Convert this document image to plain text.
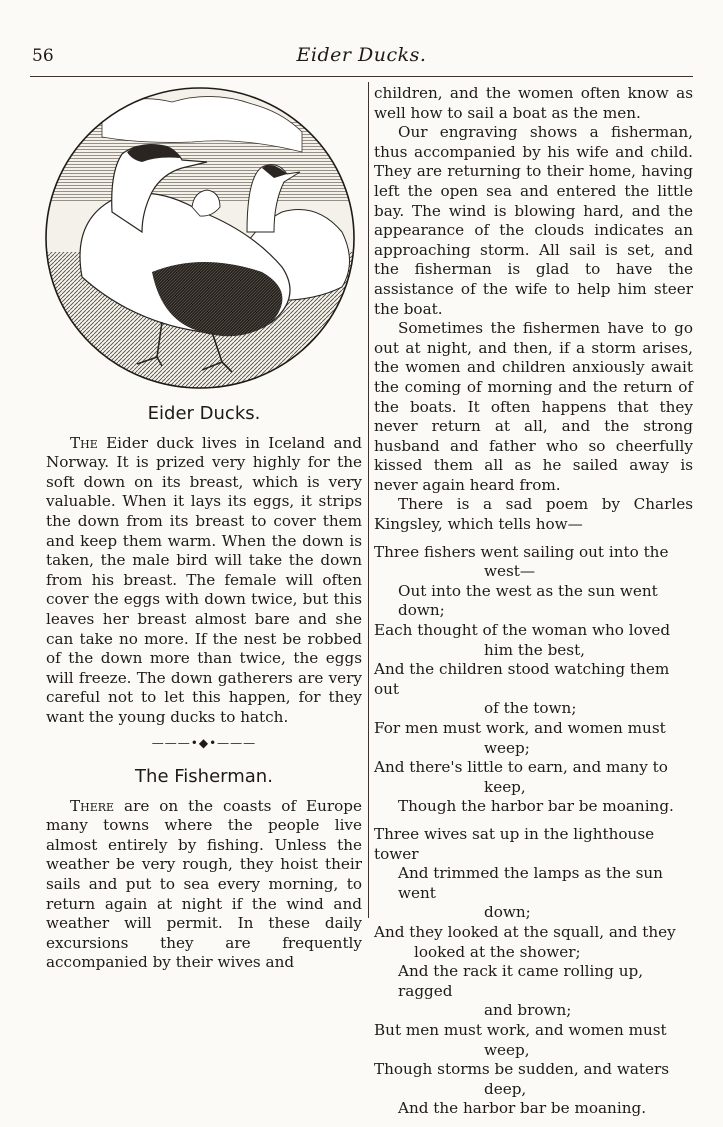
56	Eider Ducks.
Eider Ducks.

The Eider duck lives in Iceland and Norway. It is prized very highly for the soft down on its breast, which is very valuable. When it lays its eggs, it strips the down from its breast to cover them and keep them warm. When the down is taken, the male bird will take the down from his breast. The female will often cover the eggs with down twice, but this leaves her breast almost bare and she can take no more. If the nest be robbed of the down more than twice, the eggs will freeze. The down gatherers are very careful not to let this happen, for they want the young ducks to hatch.

———•◆•———
The Fisherman.

There are on the coasts of Europe many towns where the people live almost entirely by fishing. Unless the weather be very rough, they hoist their sails and put to sea every morning, to return again at night if the wind and weather will permit. In these daily excursions they are frequently accompanied by their wives and

children, and the women often know as well how to sail a boat as the men.

Our engraving shows a fisherman, thus accompanied by his wife and child. They are returning to their home, having left the open sea and entered the little bay. The wind is blowing hard, and the appearance of the clouds indicates an approaching storm. All sail is set, and the fisherman is glad to have the assistance of the wife to help him steer the boat.

Sometimes the fishermen have to go out at night, and then, if a storm arises, the women and children anxiously await the coming of morning and the return of the boats. It often happens that they never return at all, and the strong husband and father who so cheerfully kissed them all as he sailed away is never again heard from.

There is a sad poem by Charles Kingsley, which tells how—

Three fishers went sailing out into the
west—
Out into the west as the sun went down;
Each thought of the woman who loved
him the best,
And the children stood watching them out
of the town;
For men must work, and women must
weep;
And there's little to earn, and many to
keep,
Though the harbor bar be moaning.
Three wives sat up in the lighthouse tower
And trimmed the lamps as the sun went
down;
And they looked at the squall, and they
looked at the shower;
And the rack it came rolling up, ragged
and brown;
But men must work, and women must
weep,
Though storms be sudden, and waters
deep,
And the harbor bar be moaning.
